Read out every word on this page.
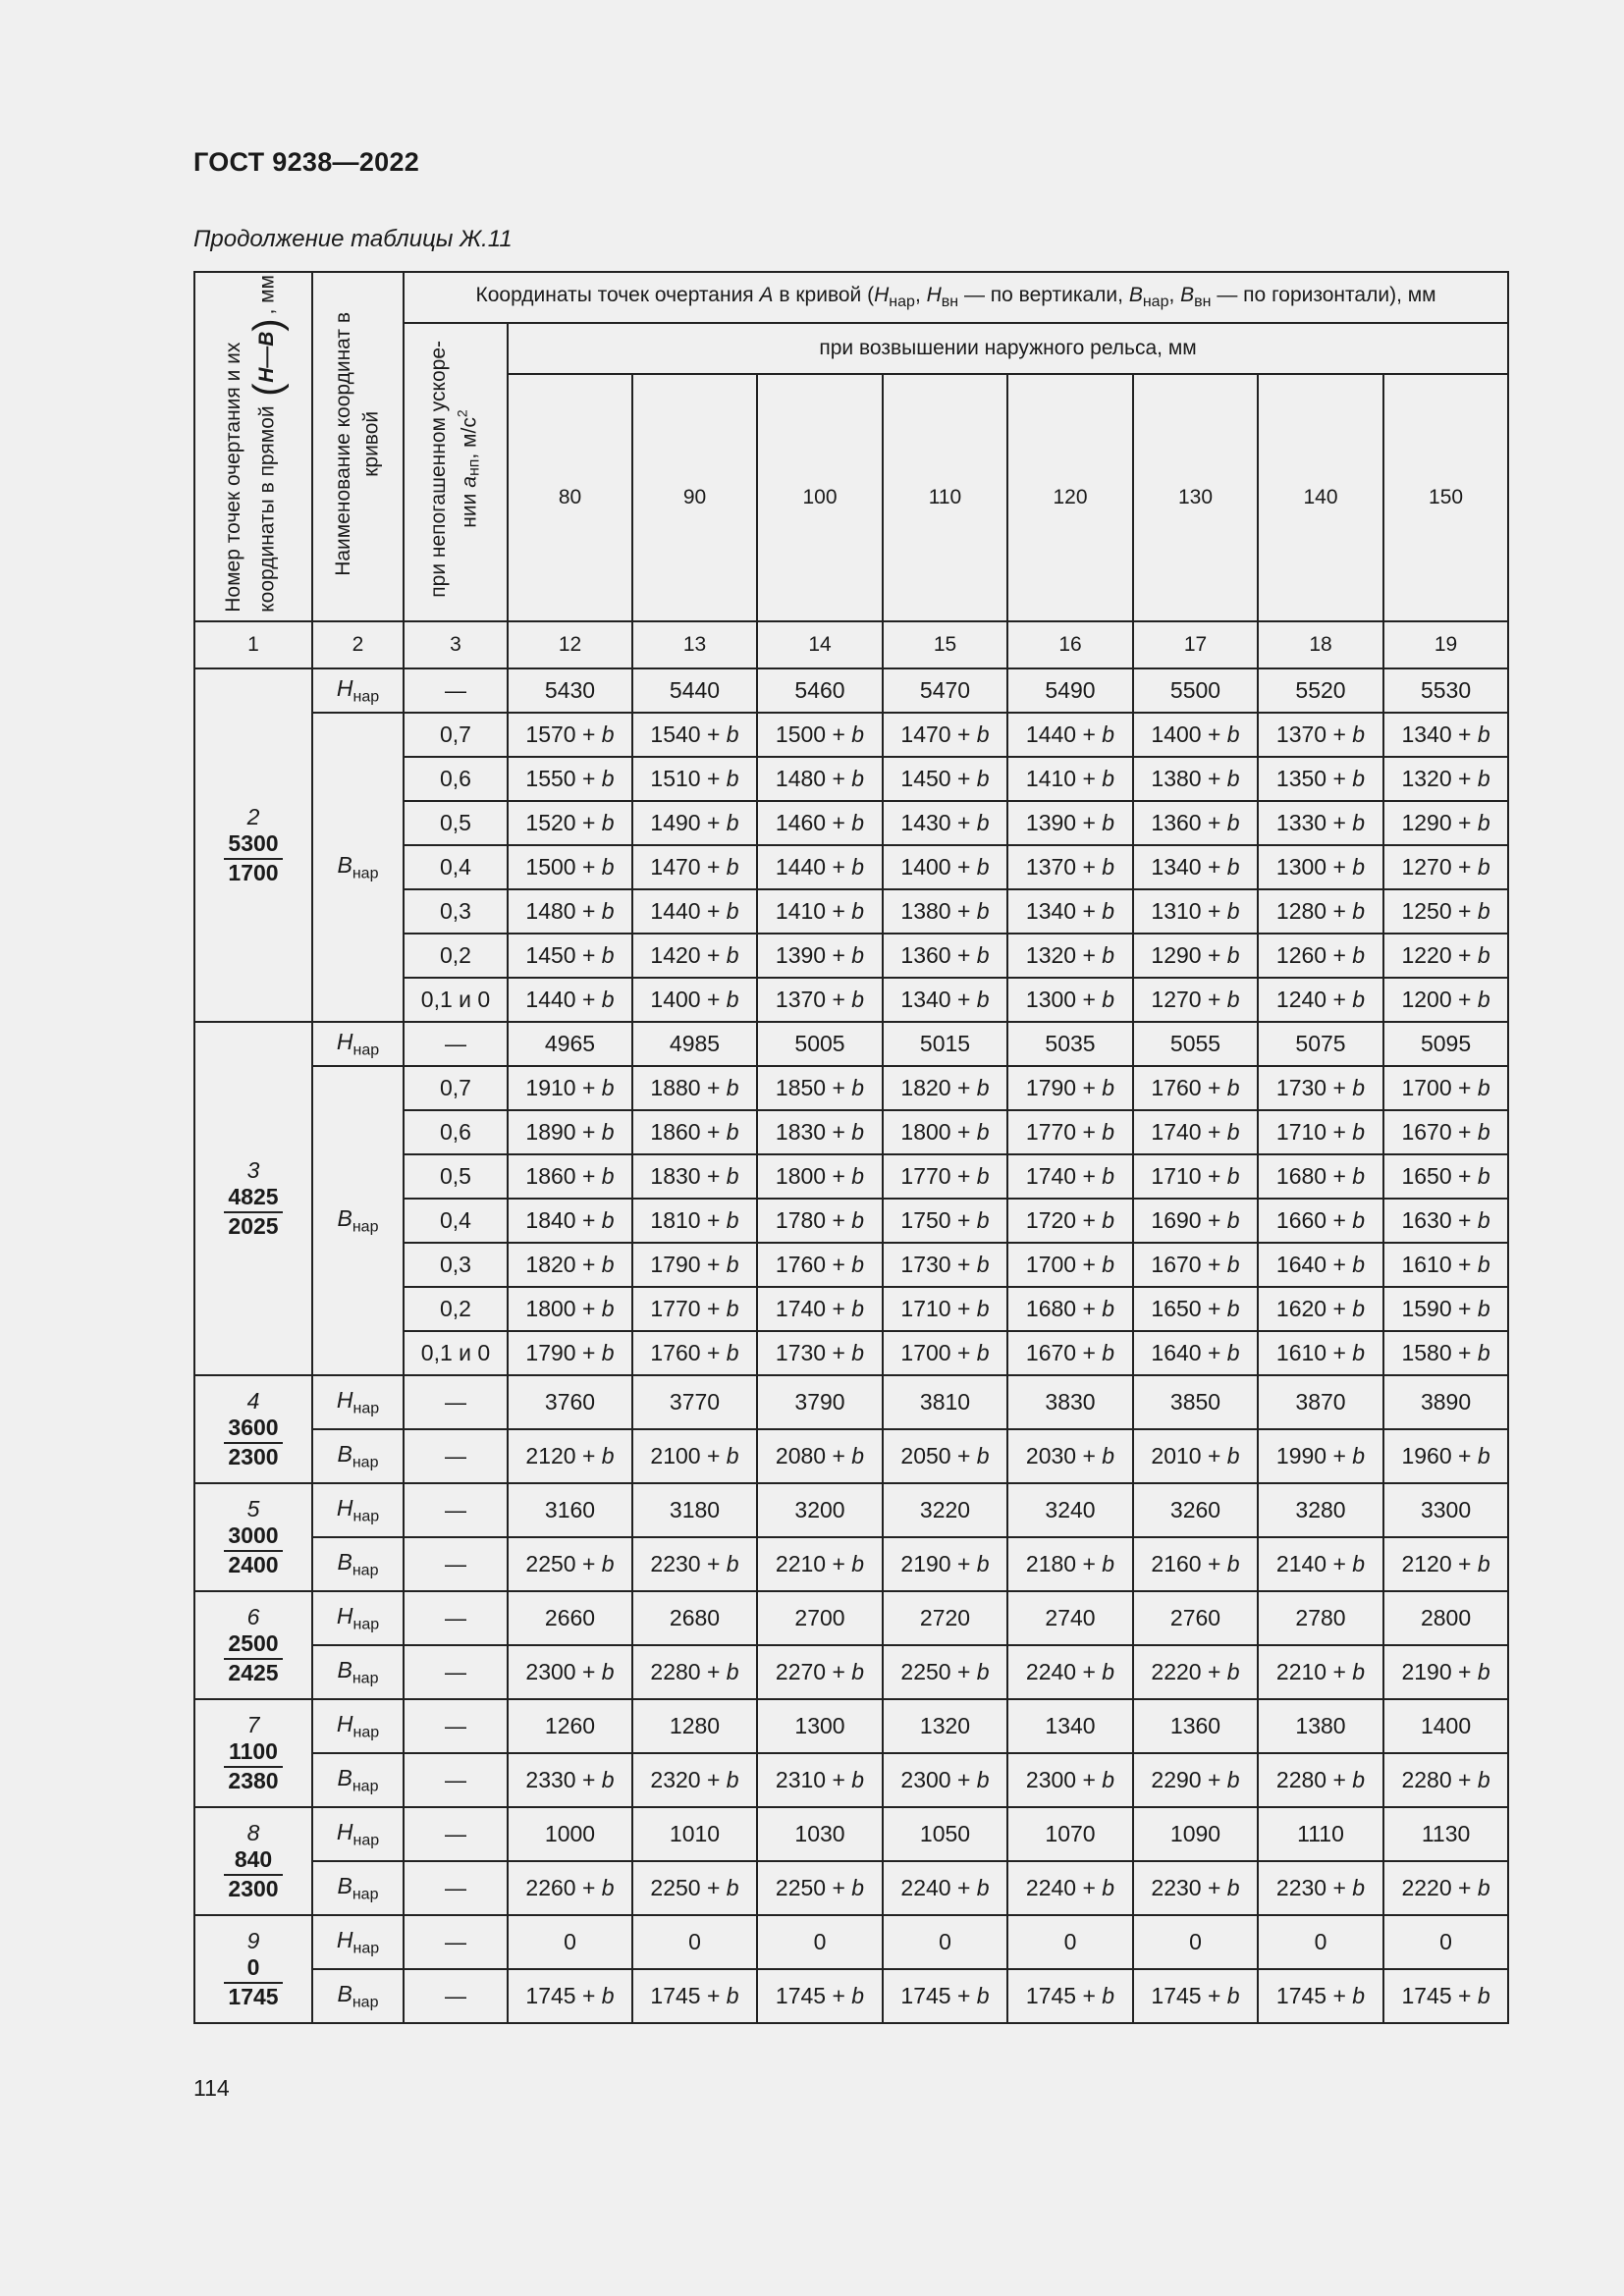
ГОСТ 9238—2022
Продолжение таблицы Ж.11
Номер точек очертания и их координаты в прямой
(
H
B
)
, мм	Наименование координат в кривой	Координаты точек очертания A в кривой ($H_{нар}$, $H_{вн}$ — по вертикали, $B_{нар}$, $B_{вн}$ — по горизонтали), мм
		при непогашенном ускоре- нии $a_{нп}$, $м/с^2$	при возвышении наружного рельса, мм							
			80	90	100	110	120	130	140	150
1	2	3	12	13	14	15	16	17	18	19

2
5300
1700	$H_{нар}$	—	5430	5440	5460	5470	5490	5500	5520	5530
	$B_{нар}$	0,7	1570 + b	1540 + b	1500 + b	1470 + b	1440 + b	1400 + b	1370 + b	1340 + b
		0,6	1550 + b	1510 + b	1480 + b	1450 + b	1410 + b	1380 + b	1350 + b	1320 + b
		0,5	1520 + b	1490 + b	1460 + b	1430 + b	1390 + b	1360 + b	1330 + b	1290 + b
		0,4	1500 + b	1470 + b	1440 + b	1400 + b	1370 + b	1340 + b	1300 + b	1270 + b
		0,3	1480 + b	1440 + b	1410 + b	1380 + b	1340 + b	1310 + b	1280 + b	1250 + b
		0,2	1450 + b	1420 + b	1390 + b	1360 + b	1320 + b	1290 + b	1260 + b	1220 + b
		0,1 и 0	1440 + b	1400 + b	1370 + b	1340 + b	1300 + b	1270 + b	1240 + b	1200 + b

3
4825
2025	$H_{нар}$	—	4965	4985	5005	5015	5035	5055	5075	5095
	$B_{нар}$	0,7	1910 + b	1880 + b	1850 + b	1820 + b	1790 + b	1760 + b	1730 + b	1700 + b
		0,6	1890 + b	1860 + b	1830 + b	1800 + b	1770 + b	1740 + b	1710 + b	1670 + b
		0,5	1860 + b	1830 + b	1800 + b	1770 + b	1740 + b	1710 + b	1680 + b	1650 + b
		0,4	1840 + b	1810 + b	1780 + b	1750 + b	1720 + b	1690 + b	1660 + b	1630 + b
		0,3	1820 + b	1790 + b	1760 + b	1730 + b	1700 + b	1670 + b	1640 + b	1610 + b
		0,2	1800 + b	1770 + b	1740 + b	1710 + b	1680 + b	1650 + b	1620 + b	1590 + b
		0,1 и 0	1790 + b	1760 + b	1730 + b	1700 + b	1670 + b	1640 + b	1610 + b	1580 + b

4
3600
2300	$H_{нар}$	—	3760	3770	3790	3810	3830	3850	3870	3890
	$B_{нар}$	—	2120 + b	2100 + b	2080 + b	2050 + b	2030 + b	2010 + b	1990 + b	1960 + b

5
3000
2400	$H_{нар}$	—	3160	3180	3200	3220	3240	3260	3280	3300
	$B_{нар}$	—	2250 + b	2230 + b	2210 + b	2190 + b	2180 + b	2160 + b	2140 + b	2120 + b

6
2500
2425	$H_{нар}$	—	2660	2680	2700	2720	2740	2760	2780	2800
	$B_{нар}$	—	2300 + b	2280 + b	2270 + b	2250 + b	2240 + b	2220 + b	2210 + b	2190 + b

7
1100
2380	$H_{нар}$	—	1260	1280	1300	1320	1340	1360	1380	1400
	$B_{нар}$	—	2330 + b	2320 + b	2310 + b	2300 + b	2300 + b	2290 + b	2280 + b	2280 + b

8
840
2300	$H_{нар}$	—	1000	1010	1030	1050	1070	1090	1110	1130
	$B_{нар}$	—	2260 + b	2250 + b	2250 + b	2240 + b	2240 + b	2230 + b	2230 + b	2220 + b

9
0
1745	$H_{нар}$	—	0	0	0	0	0	0	0	0
	$B_{нар}$	—	1745 + b	1745 + b	1745 + b	1745 + b	1745 + b	1745 + b	1745 + b	1745 + b
114
